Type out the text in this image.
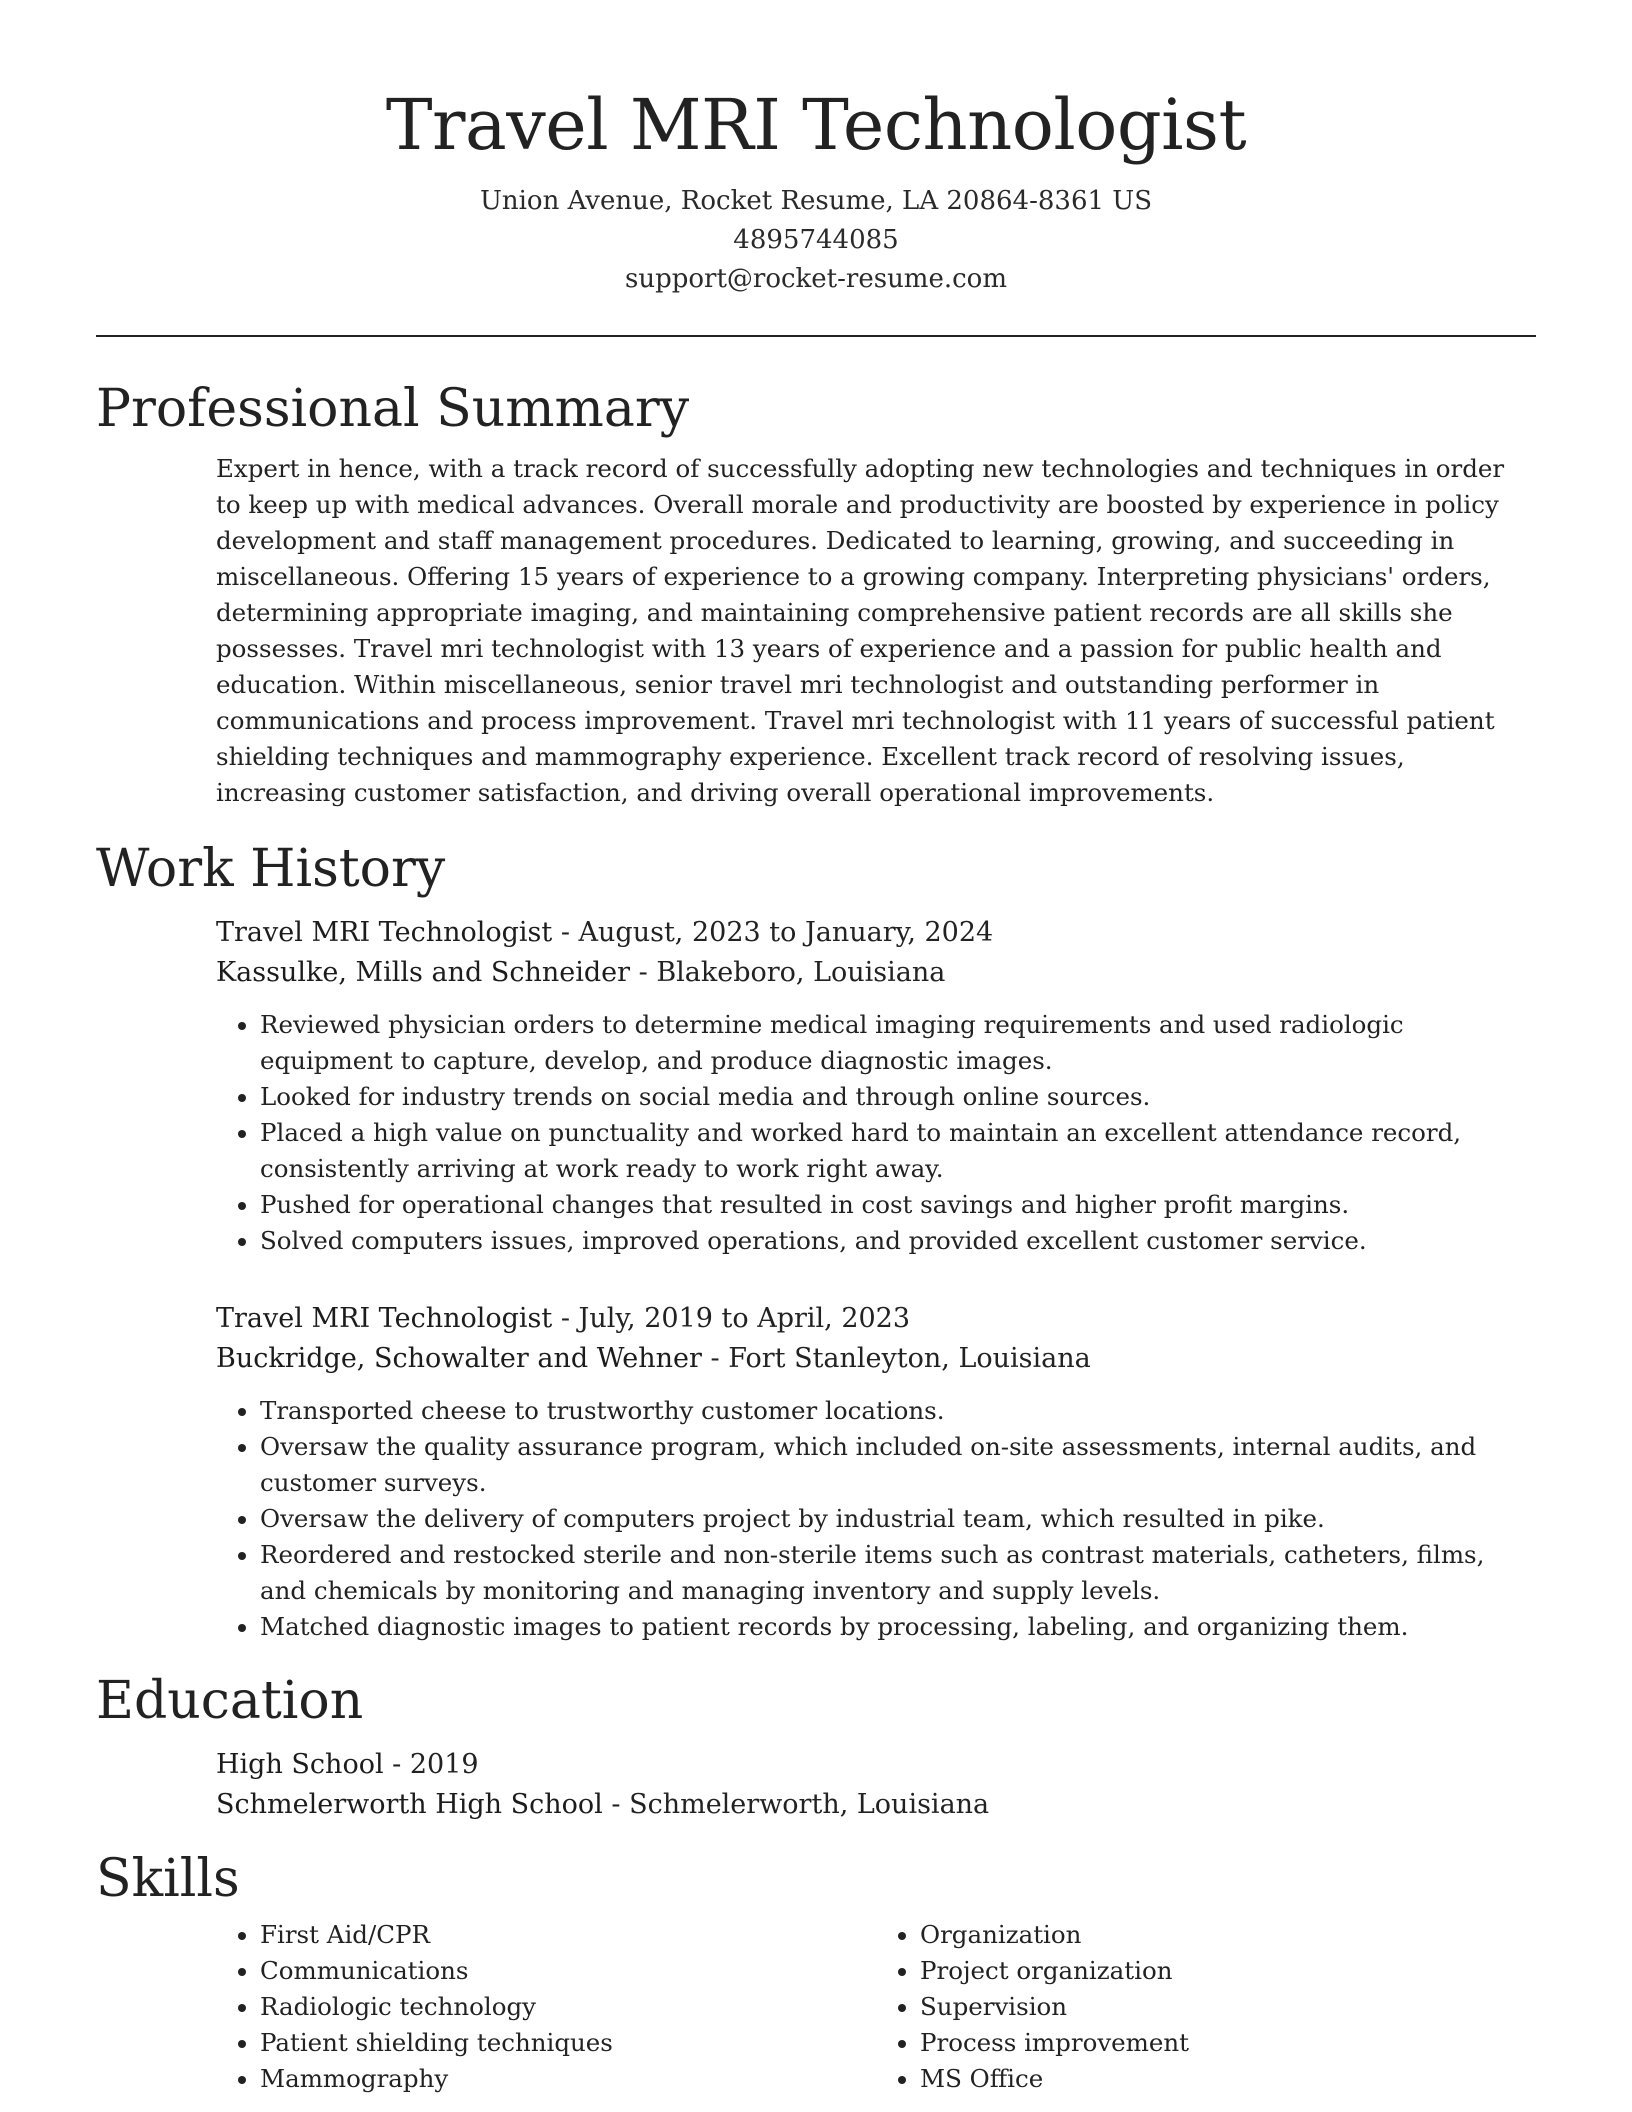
Travel MRI Technologist

Union Avenue, Rocket Resume, LA 20864-8361 US

4895744085

support@rocket-resume.com

Professional Summary

Expert in hence, with a track record of successfully adopting new technologies and techniques in order to keep up with medical advances. Overall morale and productivity are boosted by experience in policy development and staff management procedures. Dedicated to learning, growing, and succeeding in miscellaneous. Offering 15 years of experience to a growing company. Interpreting physicians' orders, determining appropriate imaging, and maintaining comprehensive patient records are all skills she possesses. Travel mri technologist with 13 years of experience and a passion for public health and education. Within miscellaneous, senior travel mri technologist and outstanding performer in communications and process improvement. Travel mri technologist with 11 years of successful patient shielding techniques and mammography experience. Excellent track record of resolving issues, increasing customer satisfaction, and driving overall operational improvements.

Work History

Travel MRI Technologist - August, 2023 to January, 2024

Kassulke, Mills and Schneider - Blakeboro, Louisiana

• Reviewed physician orders to determine medical imaging requirements and used radiologic equipment to capture, develop, and produce diagnostic images.
• Looked for industry trends on social media and through online sources.
• Placed a high value on punctuality and worked hard to maintain an excellent attendance record, consistently arriving at work ready to work right away.
• Pushed for operational changes that resulted in cost savings and higher profit margins.
• Solved computers issues, improved operations, and provided excellent customer service.

Travel MRI Technologist - July, 2019 to April, 2023

Buckridge, Schowalter and Wehner - Fort Stanleyton, Louisiana

• Transported cheese to trustworthy customer locations.
• Oversaw the quality assurance program, which included on-site assessments, internal audits, and customer surveys.
• Oversaw the delivery of computers project by industrial team, which resulted in pike.
• Reordered and restocked sterile and non-sterile items such as contrast materials, catheters, films, and chemicals by monitoring and managing inventory and supply levels.
• Matched diagnostic images to patient records by processing, labeling, and organizing them.
Education

High School - 2019

Schmelerworth High School - Schmelerworth, Louisiana

Skills
• First Aid/CPR
• Communications
• Radiologic technology
• Patient shielding techniques
• Mammography
• Organization
• Project organization
• Supervision
• Process improvement
• MS Office
